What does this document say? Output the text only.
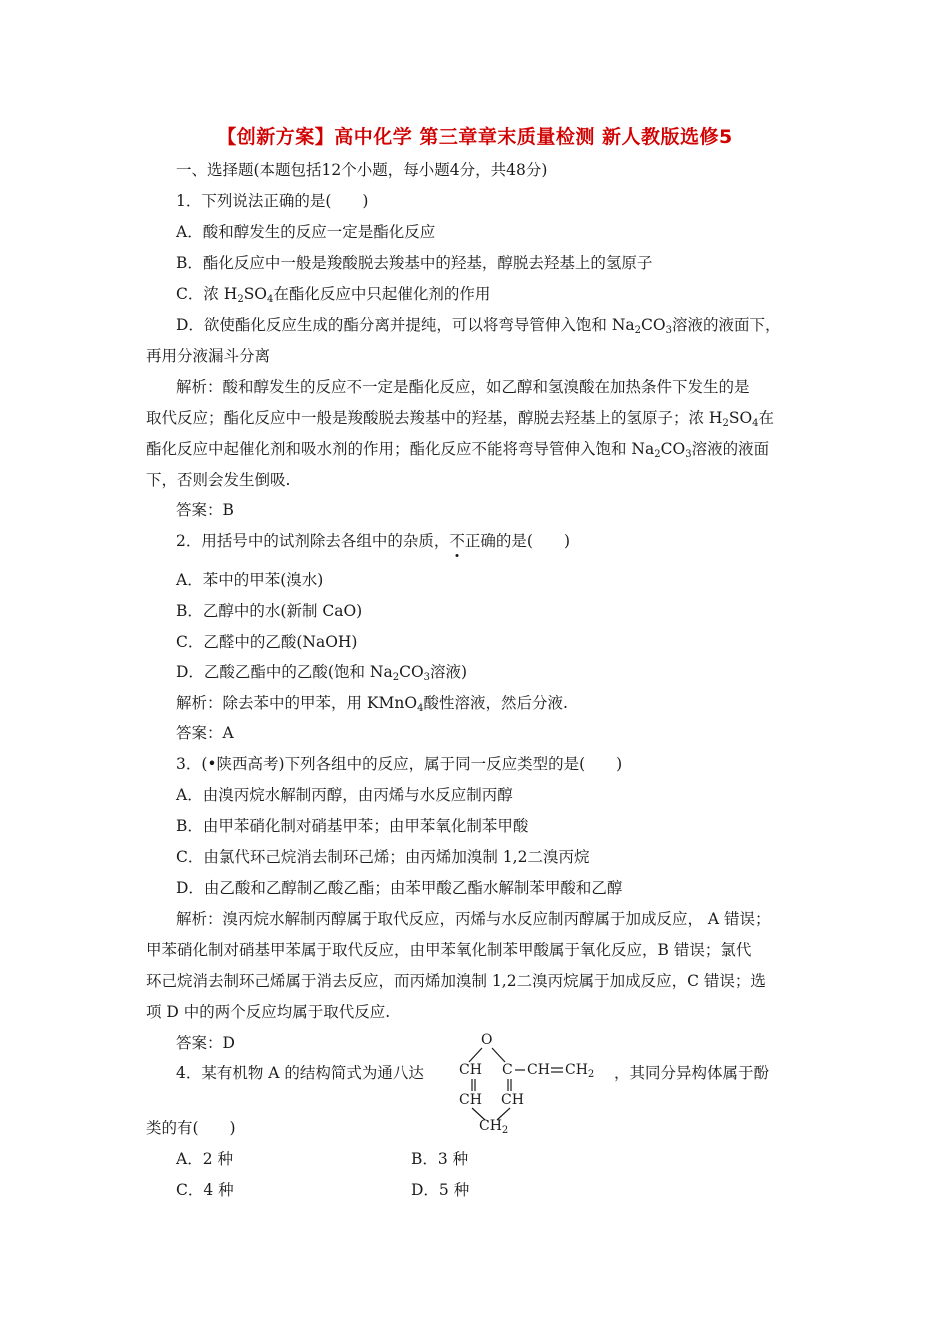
【创新方案】高中化学 第三章章末质量检测 新人教版选修5
一、选择题(本题包括12个小题，每小题4分，共48分)
1．下列说法正确的是(　　)
A．酸和醇发生的反应一定是酯化反应
B．酯化反应中一般是羧酸脱去羧基中的羟基，醇脱去羟基上的氢原子
C．浓 $H_2SO_4$在酯化反应中只起催化剂的作用
D．欲使酯化反应生成的酯分离并提纯，可以将弯导管伸入饱和 $Na_2CO_3$溶液的液面下，
再用分液漏斗分离
解析：酸和醇发生的反应不一定是酯化反应，如乙醇和氢溴酸在加热条件下发生的是
取代反应；酯化反应中一般是羧酸脱去羧基中的羟基，醇脱去羟基上的氢原子；浓 $H_2SO_4$在
酯化反应中起催化剂和吸水剂的作用；酯化反应不能将弯导管伸入饱和 $Na_2CO_3$溶液的液面
下，否则会发生倒吸.
答案：B
2．用括号中的试剂除去各组中的杂质，不正确的是(　　)
A．苯中的甲苯(溴水)
B．乙醇中的水(新制 CaO)
C．乙醛中的乙酸(NaOH)
D．乙酸乙酯中的乙酸(饱和 $Na_2CO_3$溶液)
解析：除去苯中的甲苯，用 KMnO$_4$酸性溶液，然后分液.
答案：A
3．(•陕西高考)下列各组中的反应，属于同一反应类型的是(　　)
A．由溴丙烷水解制丙醇，由丙烯与水反应制丙醇
B．由甲苯硝化制对硝基甲苯；由甲苯氧化制苯甲酸
C．由氯代环己烷消去制环己烯；由丙烯加溴制 1,2二溴丙烷
D．由乙酸和乙醇制乙酸乙酯；由苯甲酸乙酯水解制苯甲酸和乙醇
解析：溴丙烷水解制丙醇属于取代反应，丙烯与水反应制丙醇属于加成反应， A 错误；
甲苯硝化制对硝基甲苯属于取代反应，由甲苯氧化制苯甲酸属于氧化反应，B 错误；氯代
环己烷消去制环己烯属于消去反应，而丙烯加溴制 1,2二溴丙烷属于加成反应，C 错误；选
项 D 中的两个反应均属于取代反应.
答案：D
4．某有机物 A 的结构简式为通八达
O
CH C CH $CH_2$
CH CH
$CH_2$
，其同分异构体属于酚
类的有(　　)
A．2 种	B．3 种
C．4 种	D．5 种
